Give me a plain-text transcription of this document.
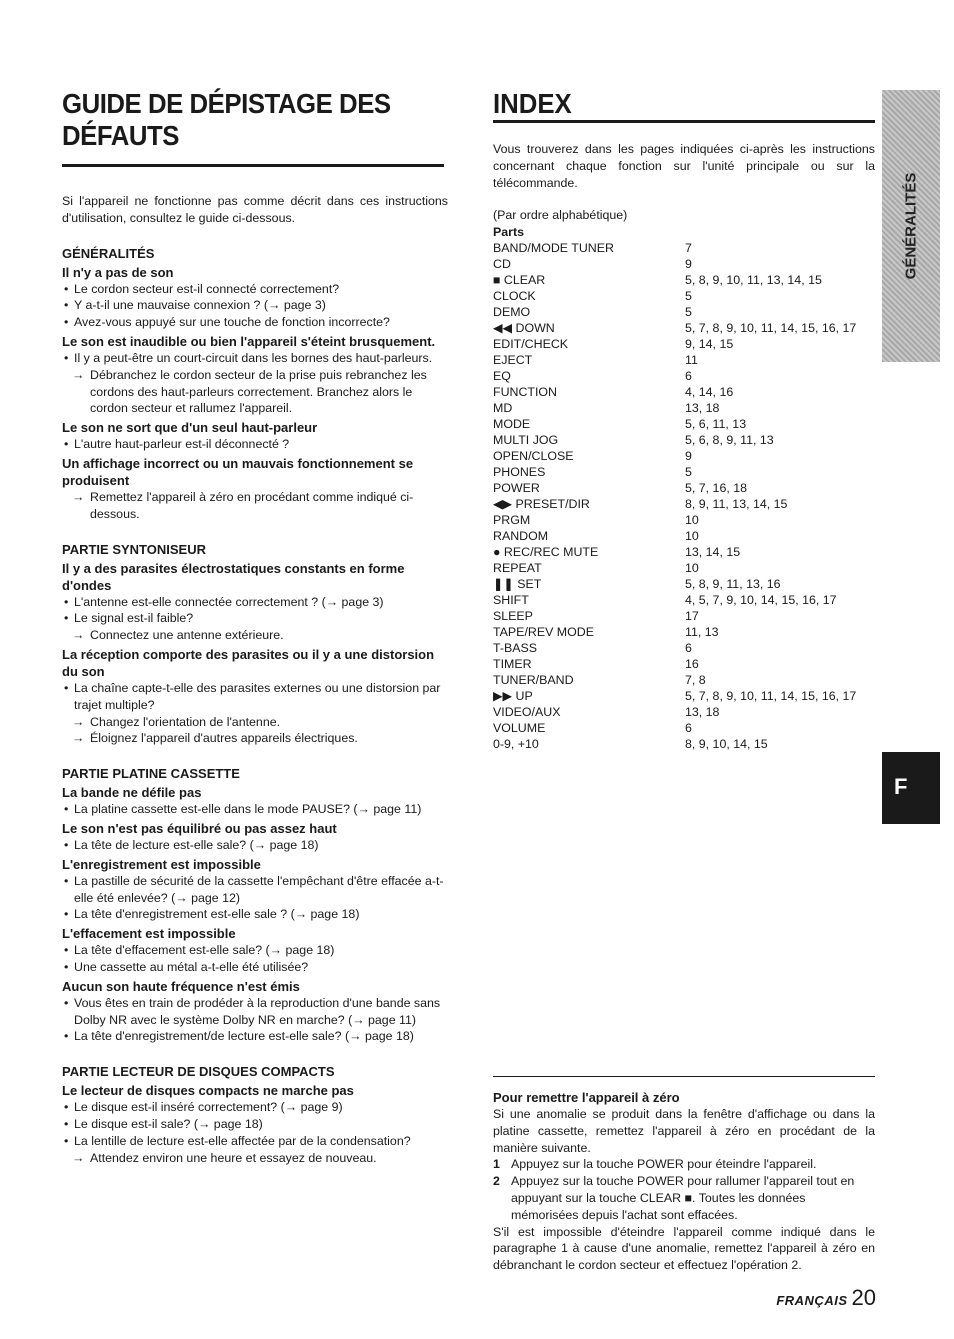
GUIDE DE DÉPISTAGE DES DÉFAUTS

Si l'appareil ne fonctionne pas comme décrit dans ces instructions d'utilisation, consultez le guide ci-dessous.

GÉNÉRALITÉS
Il n'y a pas de son
• Le cordon secteur est-il connecté correctement?
• Y a-t-il une mauvaise connexion ? (→ page 3)
• Avez-vous appuyé sur une touche de fonction incorrecte?
Le son est inaudible ou bien l'appareil s'éteint brusquement.
• Il y a peut-être un court-circuit dans les bornes des haut-parleurs.
→ Débranchez le cordon secteur de la prise puis rebranchez les cordons des haut-parleurs correctement. Branchez alors le cordon secteur et rallumez l'appareil.
Le son ne sort que d'un seul haut-parleur
• L'autre haut-parleur est-il déconnecté ?
Un affichage incorrect ou un mauvais fonctionnement se produisent
→ Remettez l'appareil à zéro en procédant comme indiqué ci-dessous.
PARTIE SYNTONISEUR
Il y a des parasites électrostatiques constants en forme d'ondes
• L'antenne est-elle connectée correctement ? (→ page 3)
• Le signal est-il faible?
→ Connectez une antenne extérieure.
La réception comporte des parasites ou il y a une distorsion du son
• La chaîne capte-t-elle des parasites externes ou une distorsion par trajet multiple?
→ Changez l'orientation de l'antenne.
→ Éloignez l'appareil d'autres appareils électriques.
PARTIE PLATINE CASSETTE
La bande ne défile pas
• La platine cassette est-elle dans le mode PAUSE? (→ page 11)
Le son n'est pas équilibré ou pas assez haut
• La tête de lecture est-elle sale? (→ page 18)
L'enregistrement est impossible
• La pastille de sécurité de la cassette l'empêchant d'être effacée a-t-elle été enlevée? (→ page 12)
• La tête d'enregistrement est-elle sale ? (→ page 18)
L'effacement est impossible
• La tête d'effacement est-elle sale? (→ page 18)
• Une cassette au métal a-t-elle été utilisée?
Aucun son haute fréquence n'est émis
• Vous êtes en train de prodéder à la reproduction d'une bande sans Dolby NR avec le système Dolby NR en marche? (→ page 11)
• La tête d'enregistrement/de lecture est-elle sale? (→ page 18)
PARTIE LECTEUR DE DISQUES COMPACTS
Le lecteur de disques compacts ne marche pas
• Le disque est-il inséré correctement? (→ page 9)
• Le disque est-il sale? (→ page 18)
• La lentille de lecture est-elle affectée par de la condensation?
→ Attendez environ une heure et essayez de nouveau.
INDEX

Vous trouverez dans les pages indiquées ci-après les instructions concernant chaque fonction sur l'unité principale ou sur la télécommande.

(Par ordre alphabétique)

Parts
BAND/MODE TUNER	7
CD	9
■ CLEAR	5, 8, 9, 10, 11, 13, 14, 15
CLOCK	5
DEMO	5
◀◀ DOWN	5, 7, 8, 9, 10, 11, 14, 15, 16, 17
EDIT/CHECK	9, 14, 15
EJECT	11
EQ	6
FUNCTION	4, 14, 16
MD	13, 18
MODE	5, 6, 11, 13
MULTI JOG	5, 6, 8, 9, 11, 13
OPEN/CLOSE	9
PHONES	5
POWER	5, 7, 16, 18
◀▶ PRESET/DIR	8, 9, 11, 13, 14, 15
PRGM	10
RANDOM	10
● REC/REC MUTE	13, 14, 15
REPEAT	10
❚❚ SET	5, 8, 9, 11, 13, 16
SHIFT	4, 5, 7, 9, 10, 14, 15, 16, 17
SLEEP	17
TAPE/REV MODE	11, 13
T-BASS	6
TIMER	16
TUNER/BAND	7, 8
▶▶ UP	5, 7, 8, 9, 10, 11, 14, 15, 16, 17
VIDEO/AUX	13, 18
VOLUME	6
0-9, +10	8, 9, 10, 14, 15
Pour remettre l'appareil à zéro

Si une anomalie se produit dans la fenêtre d'affichage ou dans la platine cassette, remettez l'appareil à zéro en procédant de la manière suivante.

1 Appuyez sur la touche POWER pour éteindre l'appareil.
2 Appuyez sur la touche POWER pour rallumer l'appareil tout en appuyant sur la touche CLEAR ■. Toutes les données mémorisées depuis l'achat sont effacées.

S'il est impossible d'éteindre l'appareil comme indiqué dans le paragraphe 1 à cause d'une anomalie, remettez l'appareil à zéro en débranchant le cordon secteur et effectuez l'opération 2.

GÉNÉRALITÉS
F
FRANÇAIS 20
